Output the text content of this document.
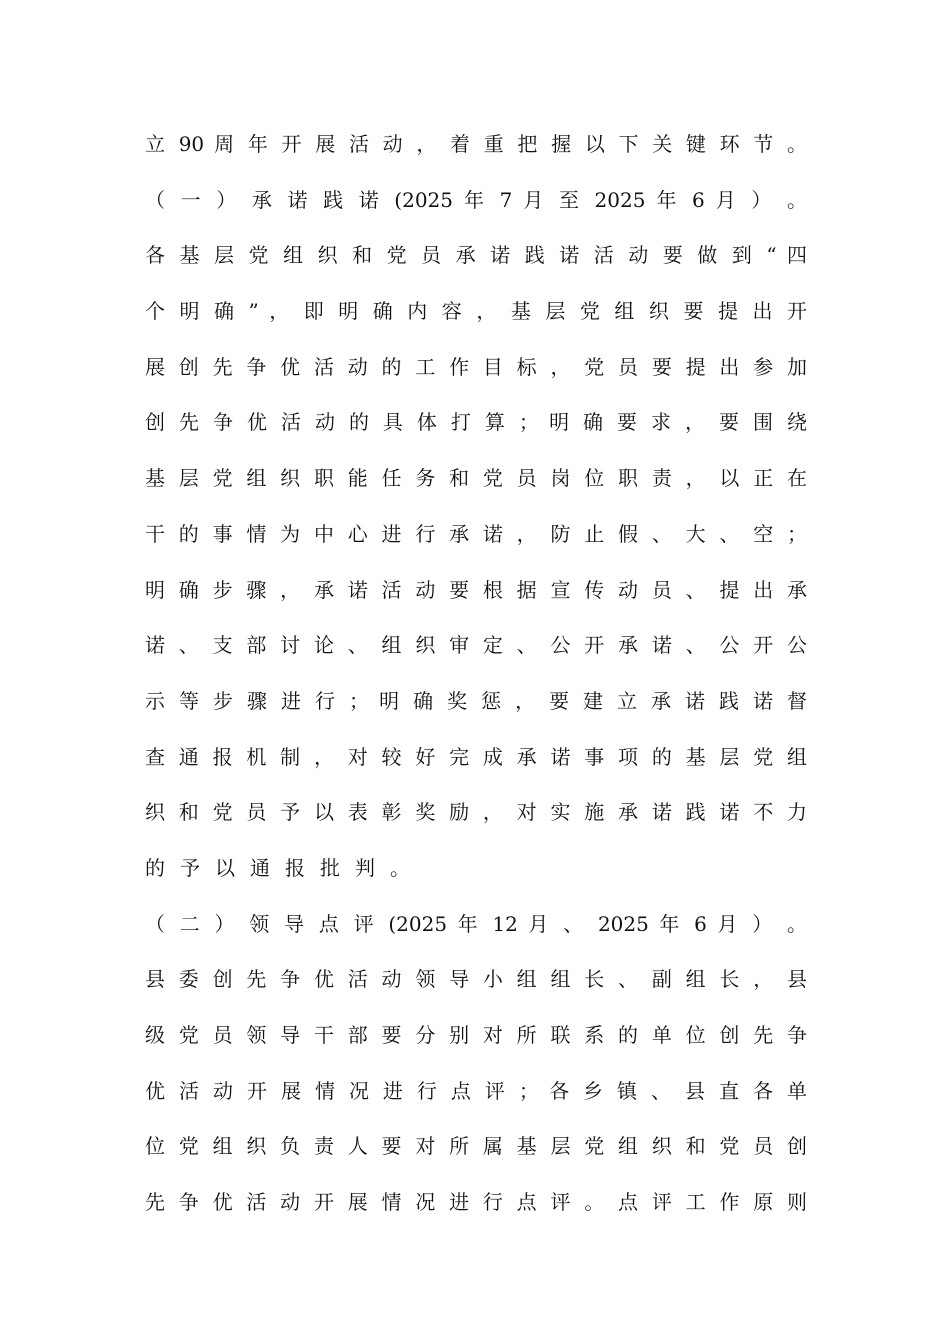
立 90 周 年 开 展 活 动 ， 着 重 把 握 以 下 关 键 环 节 。
（ 一 ） 承 诺 践 诺 (2025 年 7 月 至 2025 年 6 月 ） 。
各 基 层 党 组 织 和 党 员 承 诺 践 诺 活 动 要 做 到 “ 四
个 明 确 ” ， 即 明 确 内 容 ， 基 层 党 组 织 要 提 出 开
展 创 先 争 优 活 动 的 工 作 目 标 ， 党 员 要 提 出 参 加
创 先 争 优 活 动 的 具 体 打 算 ； 明 确 要 求 ， 要 围 绕
基 层 党 组 织 职 能 任 务 和 党 员 岗 位 职 责 ， 以 正 在
干 的 事 情 为 中 心 进 行 承 诺 ， 防 止 假 、 大 、 空 ；
明 确 步 骤 ， 承 诺 活 动 要 根 据 宣 传 动 员 、 提 出 承
诺 、 支 部 讨 论 、 组 织 审 定 、 公 开 承 诺 、 公 开 公
示 等 步 骤 进 行 ； 明 确 奖 惩 ， 要 建 立 承 诺 践 诺 督
查 通 报 机 制 ， 对 较 好 完 成 承 诺 事 项 的 基 层 党 组
织 和 党 员 予 以 表 彰 奖 励 ， 对 实 施 承 诺 践 诺 不 力
的予以通报批判。
（ 二 ） 领 导 点 评 (2025 年 12 月 、 2025 年 6 月 ） 。
县 委 创 先 争 优 活 动 领 导 小 组 组 长 、 副 组 长 ， 县
级 党 员 领 导 干 部 要 分 别 对 所 联 系 的 单 位 创 先 争
优 活 动 开 展 情 况 进 行 点 评 ； 各 乡 镇 、 县 直 各 单
位 党 组 织 负 责 人 要 对 所 属 基 层 党 组 织 和 党 员 创
先 争 优 活 动 开 展 情 况 进 行 点 评 。 点 评 工 作 原 则
